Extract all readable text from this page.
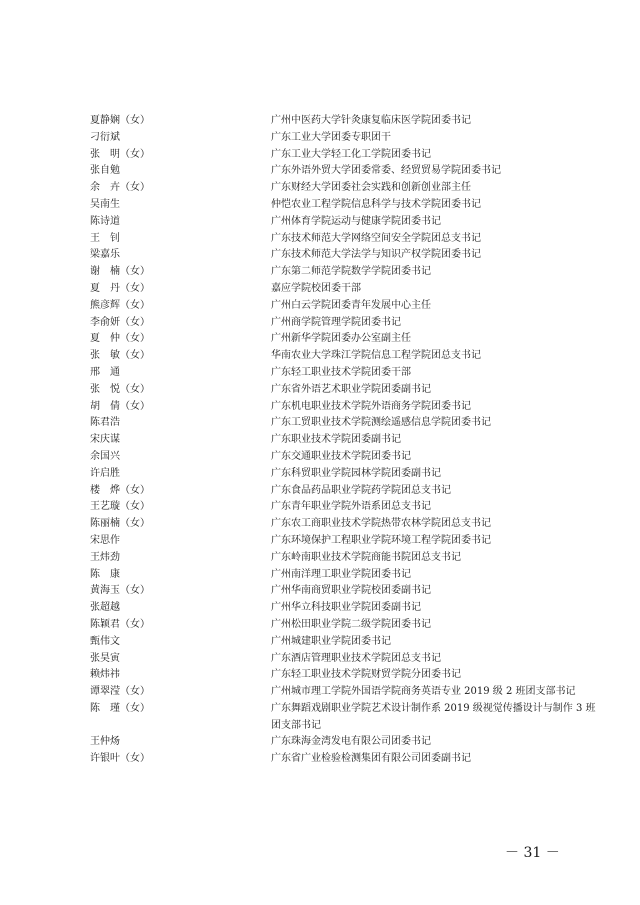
夏静娴（女）	广州中医药大学针灸康复临床医学院团委书记
刁衍斌	广东工业大学团委专职团干
张　明（女）	广东工业大学轻工化工学院团委书记
张自勉	广东外语外贸大学团委常委、经贸贸易学院团委书记
余　卉（女）	广东财经大学团委社会实践和创新创业部主任
吴南生	仲恺农业工程学院信息科学与技术学院团委书记
陈诗道	广州体育学院运动与健康学院团委书记
王　钊	广东技术师范大学网络空间安全学院团总支书记
梁嘉乐	广东技术师范大学法学与知识产权学院团委书记
谢　楠（女）	广东第二师范学院数学学院团委书记
夏　丹（女）	嘉应学院校团委干部
熊彦辉（女）	广州白云学院团委青年发展中心主任
李俞妍（女）	广州商学院管理学院团委书记
夏　仲（女）	广州新华学院团委办公室副主任
张　敏（女）	华南农业大学珠江学院信息工程学院团总支书记
邢　通	广东轻工职业技术学院团委干部
张　悦（女）	广东省外语艺术职业学院团委副书记
胡　倩（女）	广东机电职业技术学院外语商务学院团委书记
陈君浩	广东工贸职业技术学院测绘遥感信息学院团委书记
宋庆谋	广东职业技术学院团委副书记
余国兴	广东交通职业技术学院团委书记
许启胜	广东科贸职业学院园林学院团委副书记
楼　烨（女）	广东食品药品职业学院药学院团总支书记
王艺璇（女）	广东青年职业学院外语系团总支书记
陈丽楠（女）	广东农工商职业技术学院热带农林学院团总支书记
宋思作	广东环境保护工程职业学院环境工程学院团委书记
王炜劲	广东岭南职业技术学院商能书院团总支书记
陈　康	广州南洋理工职业学院团委书记
黄海玉（女）	广州华南商贸职业学院校团委副书记
张超越	广州华立科技职业学院团委副书记
陈颖君（女）	广州松田职业学院二级学院团委书记
甄伟文	广州城建职业学院团委书记
张昊寅	广东酒店管理职业技术学院团总支书记
赖炜祎	广东轻工职业技术学院财贸学院分团委书记
谭翠滢（女）	广州城市理工学院外国语学院商务英语专业 2019 级 2 班团支部书记
陈　瑾（女）	广东舞蹈戏剧职业学院艺术设计制作系 2019 级视觉传播设计与制作 3 班团支部书记
王仲炀	广东珠海金湾发电有限公司团委书记
许银叶（女）	广东省广业检验检测集团有限公司团委副书记
－ 31 －
